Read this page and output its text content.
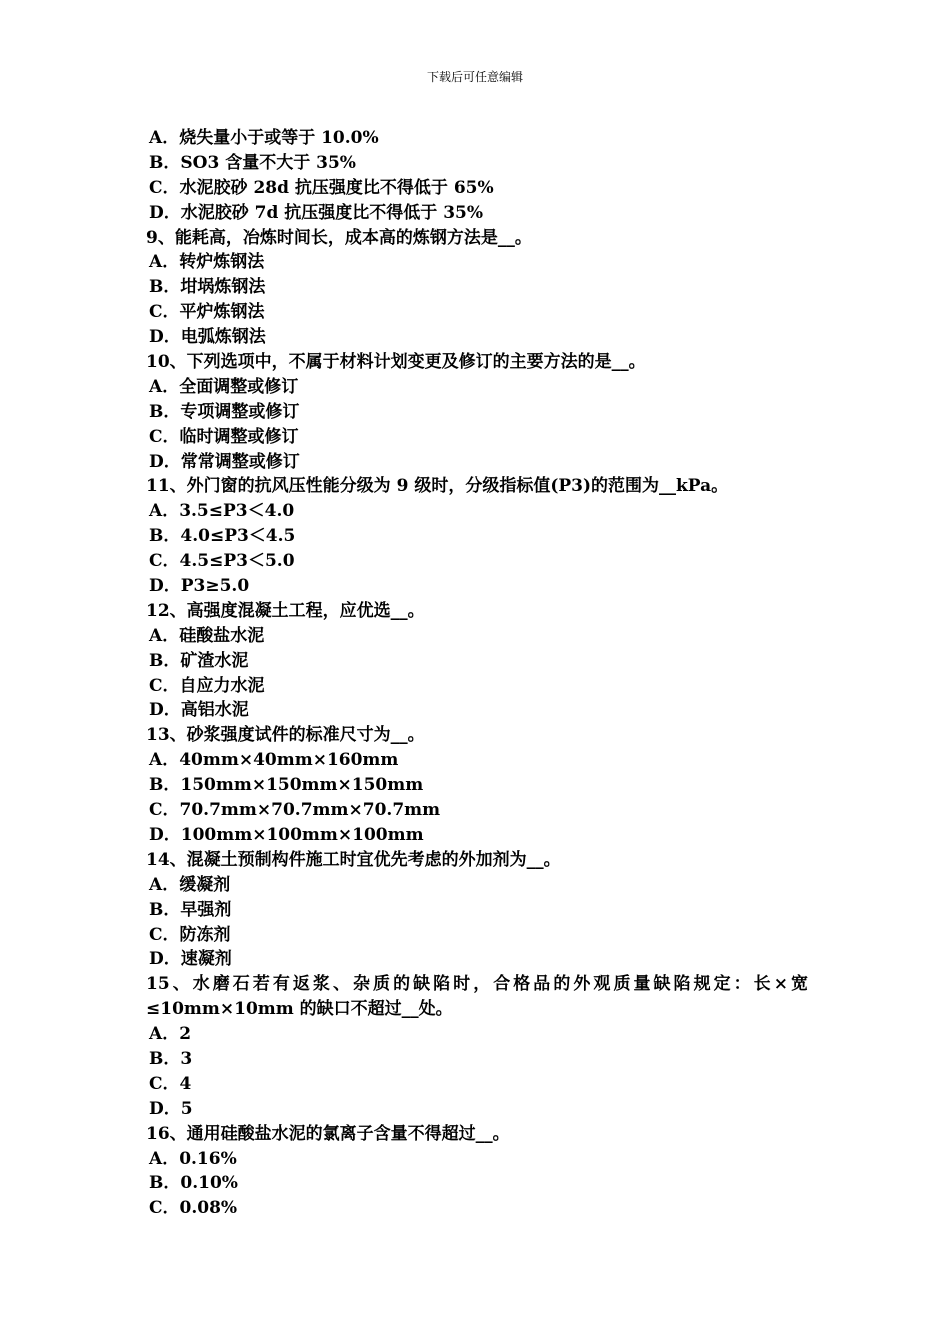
下载后可任意编辑
A．烧失量小于或等于 10.0%
B．SO3 含量不大于 35%
C．水泥胶砂 28d 抗压强度比不得低于 65%
D．水泥胶砂 7d 抗压强度比不得低于 35%
9、能耗高，冶炼时间长，成本高的炼钢方法是__。
A．转炉炼钢法
B．坩埚炼钢法
C．平炉炼钢法
D．电弧炼钢法
10、下列选项中，不属于材料计划变更及修订的主要方法的是__。
A．全面调整或修订
B．专项调整或修订
C．临时调整或修订
D．常常调整或修订
11、外门窗的抗风压性能分级为 9 级时，分级指标值(P3)的范围为__kPa。
A．3.5≤P3＜4.0
B．4.0≤P3＜4.5
C．4.5≤P3＜5.0
D．P3≥5.0
12、高强度混凝土工程，应优选__。
A．硅酸盐水泥
B．矿渣水泥
C．自应力水泥
D．高铝水泥
13、砂浆强度试件的标准尺寸为__。
A．40mm×40mm×160mm
B．150mm×150mm×150mm
C．70.7mm×70.7mm×70.7mm
D．100mm×100mm×100mm
14、混凝土预制构件施工时宜优先考虑的外加剂为__。
A．缓凝剂
B．早强剂
C．防冻剂
D．速凝剂
15、水磨石若有返浆、杂质的缺陷时，合格品的外观质量缺陷规定：长×宽
≤10mm×10mm 的缺口不超过__处。
A．2
B．3
C．4
D．5
16、通用硅酸盐水泥的氯离子含量不得超过__。
A．0.16%
B．0.10%
C．0.08%
